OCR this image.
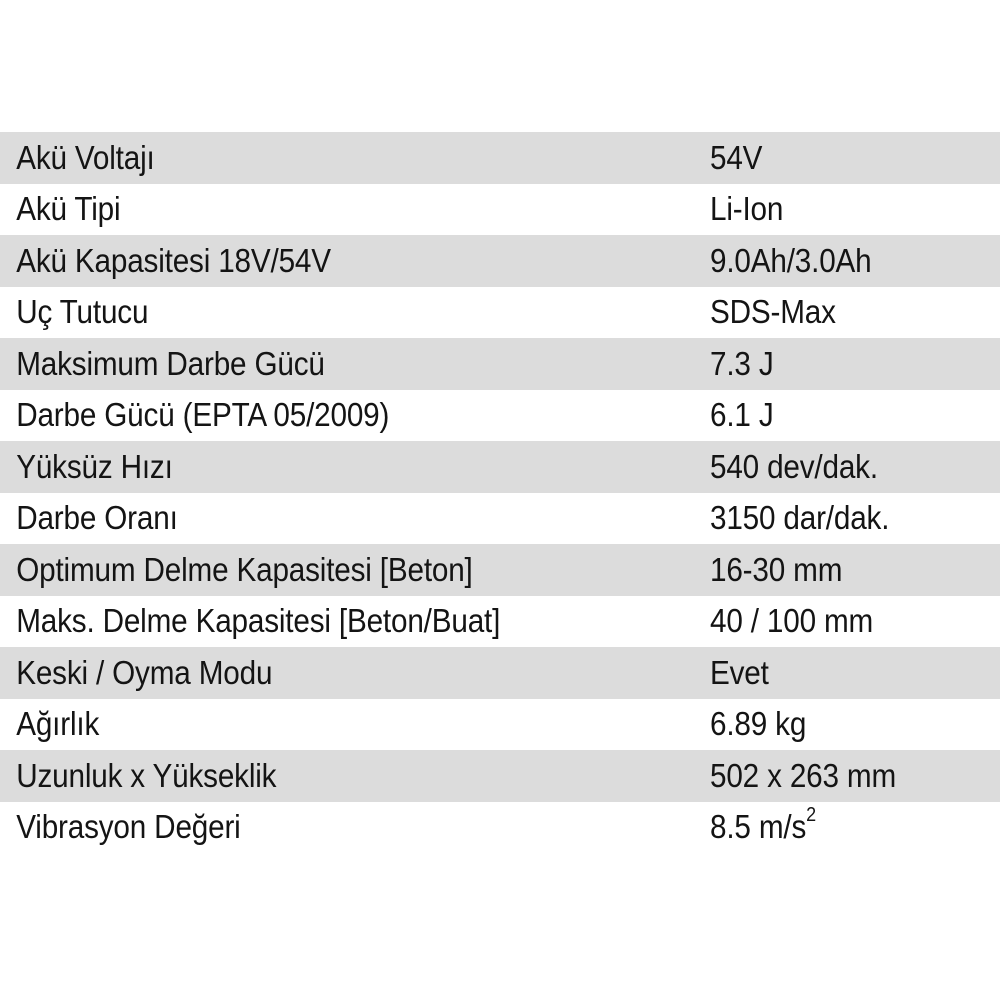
Akü Voltajı	54V
Akü Tipi	Li-Ion
Akü Kapasitesi 18V/54V	9.0Ah/3.0Ah
Uç Tutucu	SDS-Max
Maksimum Darbe Gücü	7.3 J
Darbe Gücü (EPTA 05/2009)	6.1 J
Yüksüz Hızı	540 dev/dak.
Darbe Oranı	3150 dar/dak.
Optimum Delme Kapasitesi [Beton]	16-30 mm
Maks. Delme Kapasitesi [Beton/Buat]	40 / 100 mm
Keski / Oyma Modu	Evet
Ağırlık	6.89 kg
Uzunluk x Yükseklik	502 x 263 mm
Vibrasyon Değeri	8.5 $m/s^2$
